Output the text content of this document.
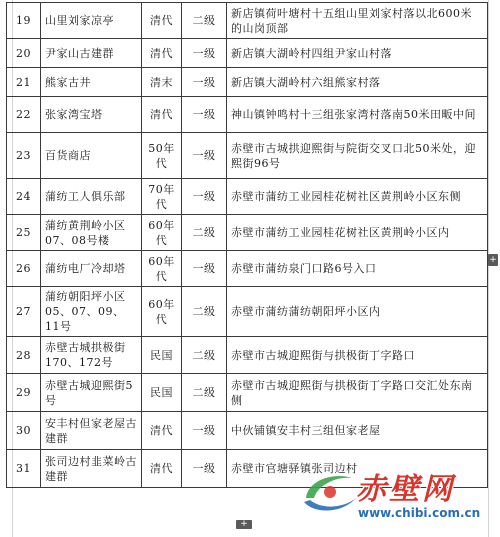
19	山里刘家凉亭	清代	二级	新店镇荷叶塘村十五组山里刘家村落以北600米的山岗顶部
20	尹家山古建群	清代	一级	新店镇大湖岭村四组尹家山村落
21	熊家古井	清末	一级	新店镇大湖岭村六组熊家村落
22	张家湾宝塔	清代	一级	神山镇钟鸣村十三组张家湾村落南50米田畈中间
23	百货商店	50年代	一级	赤壁市古城拱迎熙街与院街交叉口北50米处，迎熙街96号
24	蒲纺工人俱乐部	70年代	一级	赤壁市蒲纺工业园桂花树社区黄荆岭小区东侧
25	蒲纺黄荆岭小区07、08号楼	60年代	二级	赤壁市蒲纺工业园桂花树社区黄荆岭小区内
26	蒲纺电厂冷却塔	60年代	一级	赤壁市蒲纺泉门口路6号入口
27	蒲纺朝阳坪小区05、07、09、11号	60年代	二级	赤壁市蒲纺蒲纺朝阳坪小区内
28	赤壁古城拱极街170、172号	民国	二级	赤壁市古城迎熙街与拱极街丁字路口
29	赤壁古城迎熙街5号	民国	二级	赤壁市古城迎熙街与拱极街丁字路口交汇处东南侧
30	安丰村但家老屋古建群	清代	一级	中伙铺镇安丰村三组但家老屋
31	张司边村韭菜岭古建群	清代	一级	赤壁市官塘驿镇张司边村
+
+
赤壁网
www.chibi.com.cn
